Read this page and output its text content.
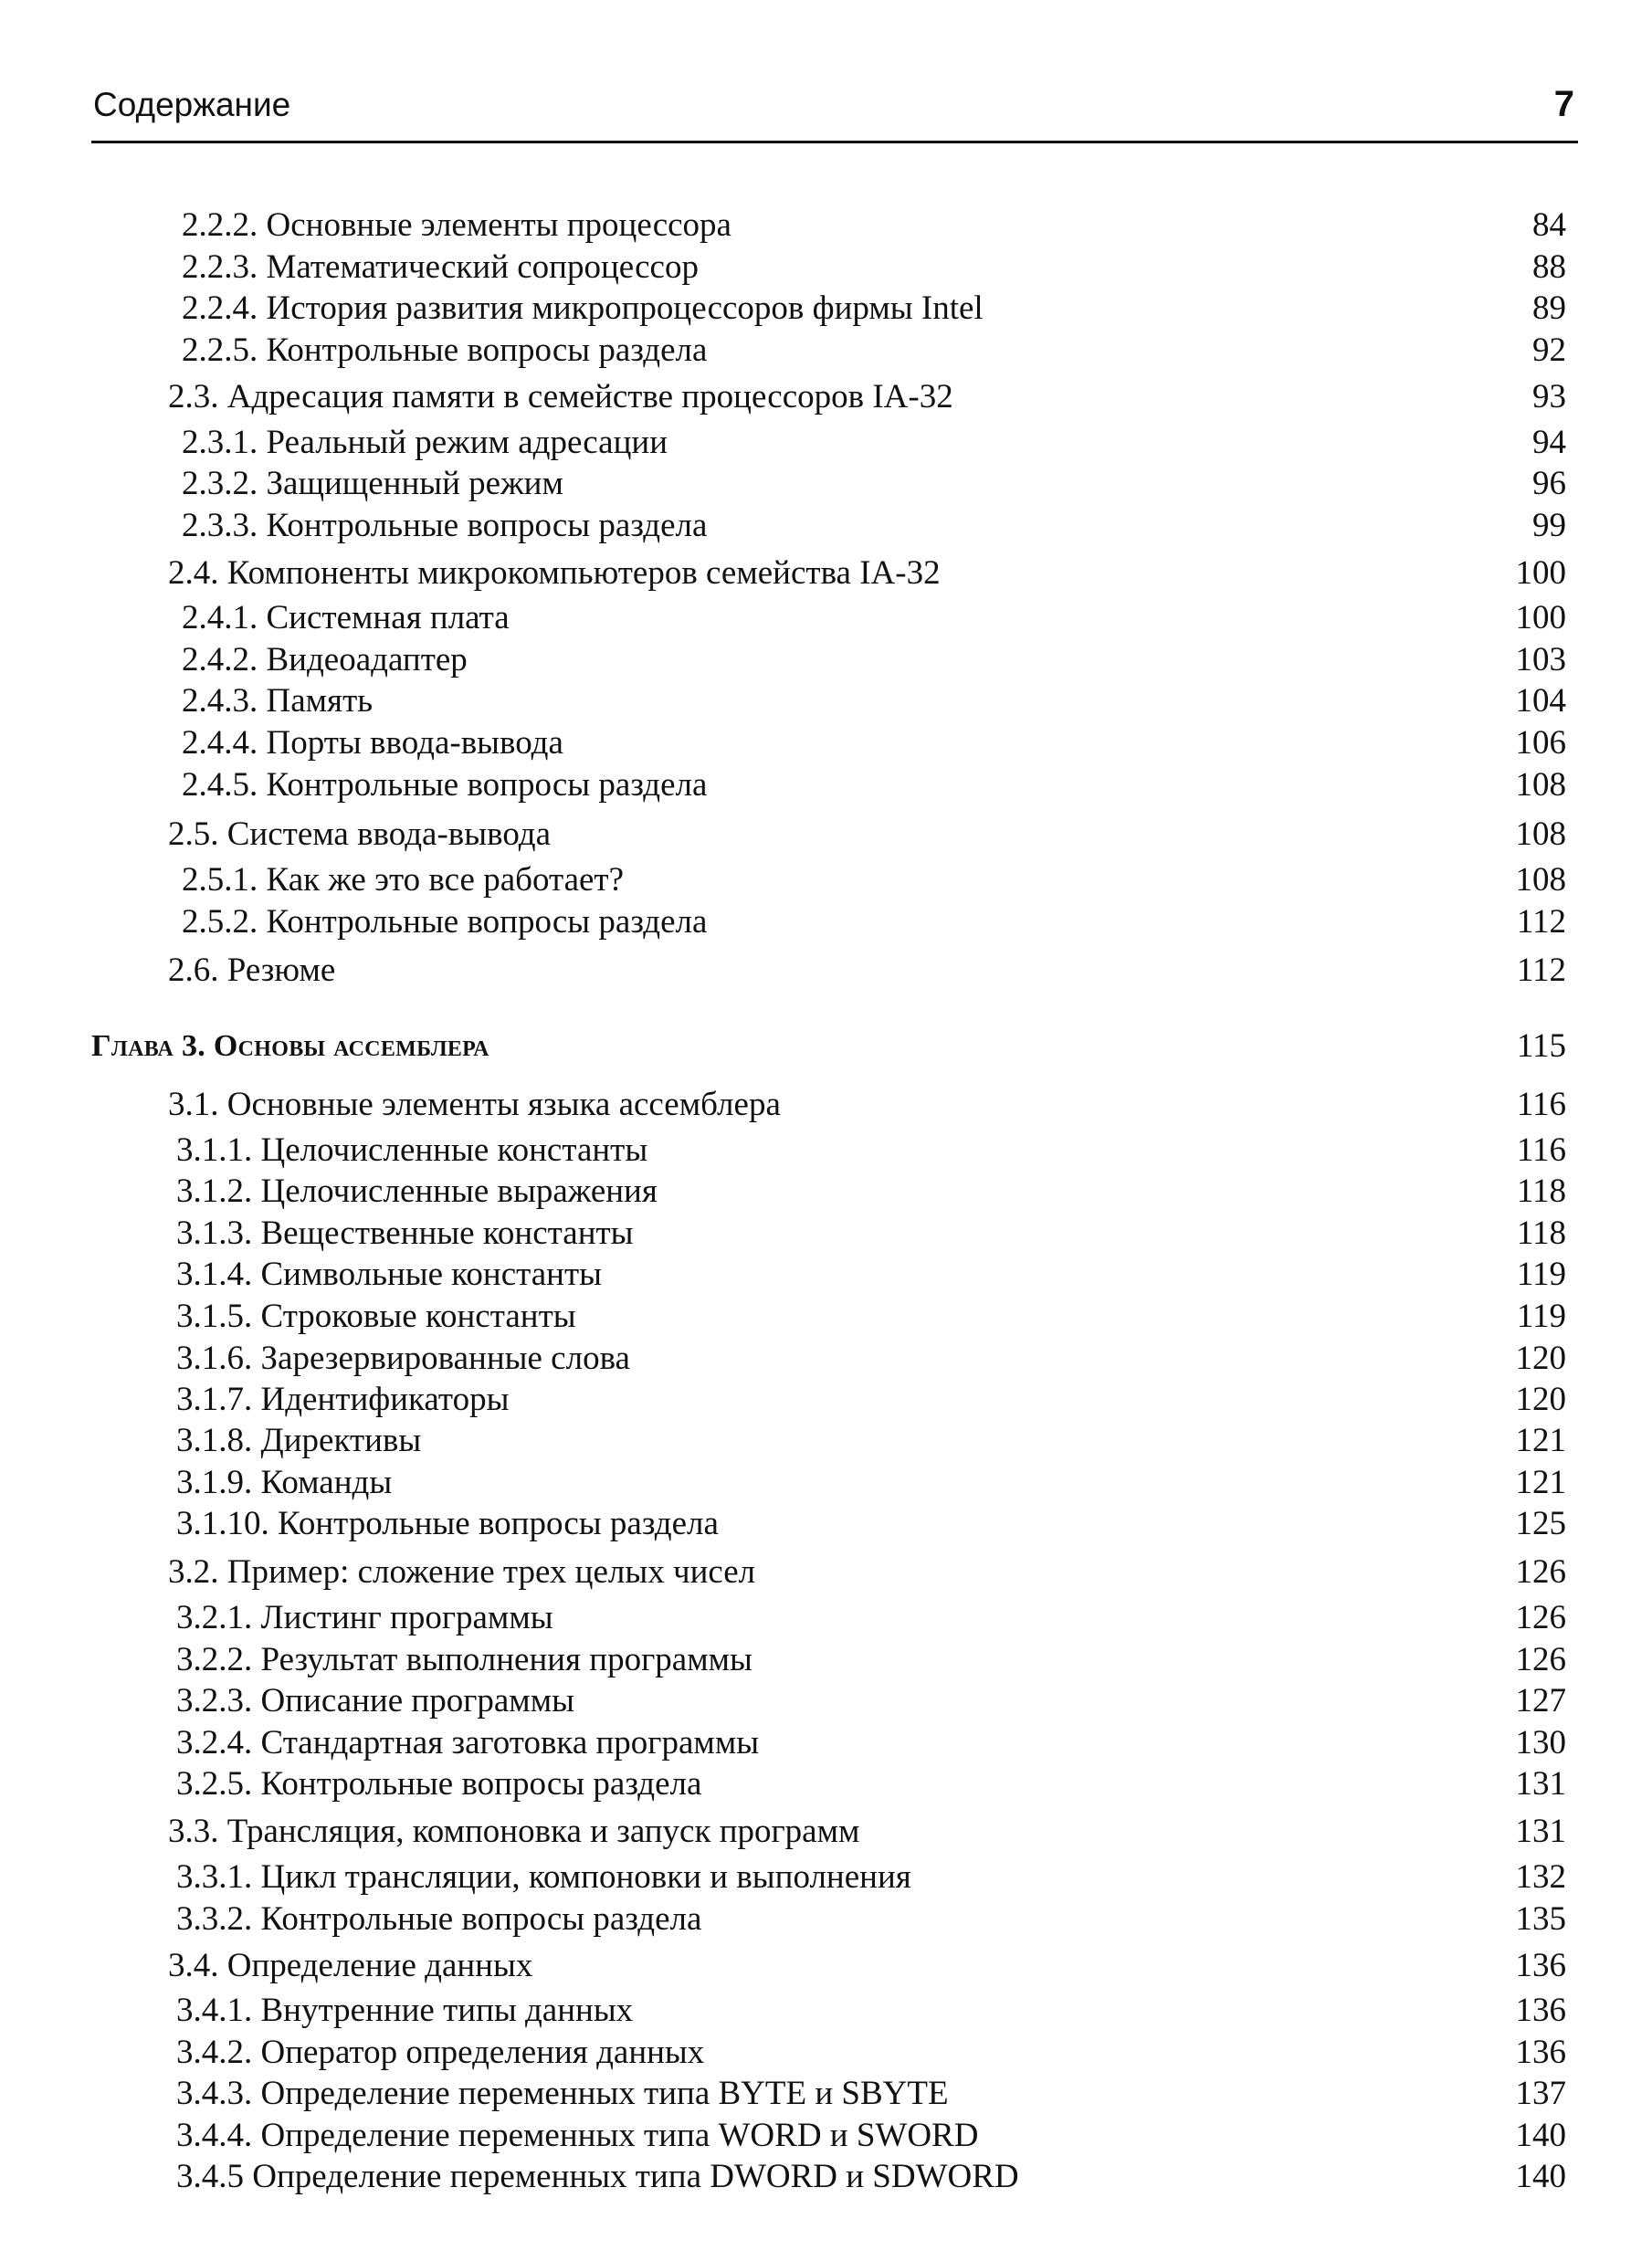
Содержание	7
2.2.2. Основные элементы процессора	84
2.2.3. Математический сопроцессор	88
2.2.4. История развития микропроцессоров фирмы Intel	89
2.2.5. Контрольные вопросы раздела	92
2.3. Адресация памяти в семействе процессоров IA-32	93
2.3.1. Реальный режим адресации	94
2.3.2. Защищенный режим	96
2.3.3. Контрольные вопросы раздела	99
2.4. Компоненты микрокомпьютеров семейства IA-32	100
2.4.1. Системная плата	100
2.4.2. Видеоадаптер	103
2.4.3. Память	104
2.4.4. Порты ввода-вывода	106
2.4.5. Контрольные вопросы раздела	108
2.5. Система ввода-вывода	108
2.5.1. Как же это все работает?	108
2.5.2. Контрольные вопросы раздела	112
2.6. Резюме	112
Глава 3. Основы ассемблера	115
3.1. Основные элементы языка ассемблера	116
3.1.1. Целочисленные константы	116
3.1.2. Целочисленные выражения	118
3.1.3. Вещественные константы	118
3.1.4. Символьные константы	119
3.1.5. Строковые константы	119
3.1.6. Зарезервированные слова	120
3.1.7. Идентификаторы	120
3.1.8. Директивы	121
3.1.9. Команды	121
3.1.10. Контрольные вопросы раздела	125
3.2. Пример: сложение трех целых чисел	126
3.2.1. Листинг программы	126
3.2.2. Результат выполнения программы	126
3.2.3. Описание программы	127
3.2.4. Стандартная заготовка программы	130
3.2.5. Контрольные вопросы раздела	131
3.3. Трансляция, компоновка и запуск программ	131
3.3.1. Цикл трансляции, компоновки и выполнения	132
3.3.2. Контрольные вопросы раздела	135
3.4. Определение данных	136
3.4.1. Внутренние типы данных	136
3.4.2. Оператор определения данных	136
3.4.3. Определение переменных типа BYTE и SBYTE	137
3.4.4. Определение переменных типа WORD и SWORD	140
3.4.5 Определение переменных типа DWORD и SDWORD	140
